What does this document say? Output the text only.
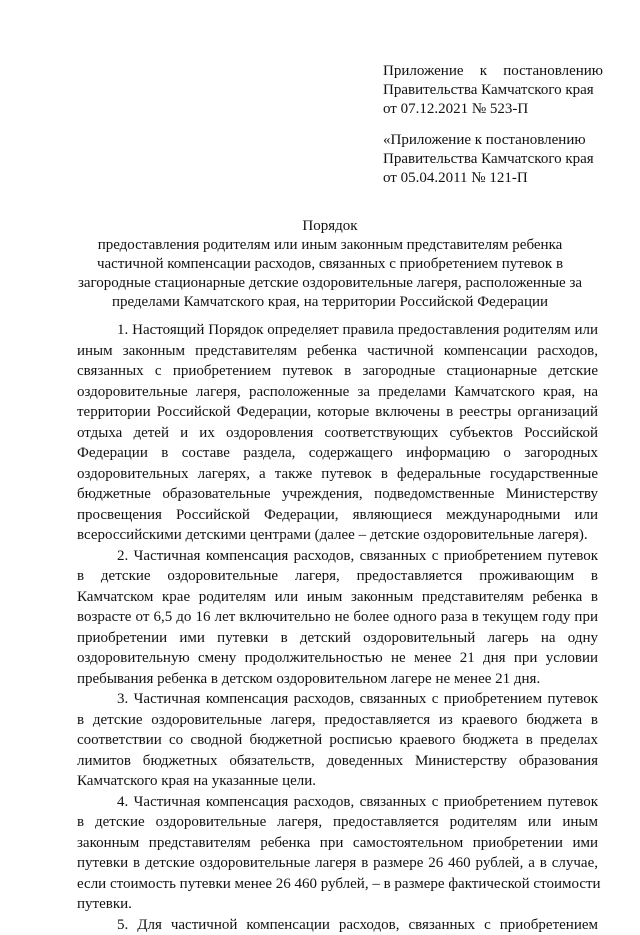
Приложение к постановлению
Правительства Камчатского края
от 07.12.2021 № 523-П
«Приложение к постановлению
Правительства Камчатского края
от 05.04.2011 № 121-П
Порядок
предоставления родителям или иным законным представителям ребенка
частичной компенсации расходов, связанных с приобретением путевок в
загородные стационарные детские оздоровительные лагеря, расположенные за
пределами Камчатского края, на территории Российской Федерации
1. Настоящий Порядок определяет правила предоставления родителям или
иным законным представителям ребенка частичной компенсации расходов,
связанных с приобретением путевок в загородные стационарные детские
оздоровительные лагеря, расположенные за пределами Камчатского края, на
территории Российской Федерации, которые включены в реестры организаций
отдыха детей и их оздоровления соответствующих субъектов Российской
Федерации в составе раздела, содержащего информацию о загородных
оздоровительных лагерях, а также путевок в федеральные государственные
бюджетные образовательные учреждения, подведомственные Министерству
просвещения Российской Федерации, являющиеся международными или
всероссийскими детскими центрами (далее – детские оздоровительные лагеря).
2. Частичная компенсация расходов, связанных с приобретением путевок
в детские оздоровительные лагеря, предоставляется проживающим в
Камчатском крае родителям или иным законным представителям ребенка в
возрасте от 6,5 до 16 лет включительно не более одного раза в текущем году при
приобретении ими путевки в детский оздоровительный лагерь на одну
оздоровительную смену продолжительностью не менее 21 дня при условии
пребывания ребенка в детском оздоровительном лагере не менее 21 дня.
3. Частичная компенсация расходов, связанных с приобретением путевок
в детские оздоровительные лагеря, предоставляется из краевого бюджета в
соответствии со сводной бюджетной росписью краевого бюджета в пределах
лимитов бюджетных обязательств, доведенных Министерству образования
Камчатского края на указанные цели.
4. Частичная компенсация расходов, связанных с приобретением путевок
в детские оздоровительные лагеря, предоставляется родителям или иным
законным представителям ребенка при самостоятельном приобретении ими
путевки в детские оздоровительные лагеря в размере 26 460 рублей, а в случае,
если стоимость путевки менее 26 460 рублей, – в размере фактической стоимости
путевки.
5. Для частичной компенсации расходов, связанных с приобретением
